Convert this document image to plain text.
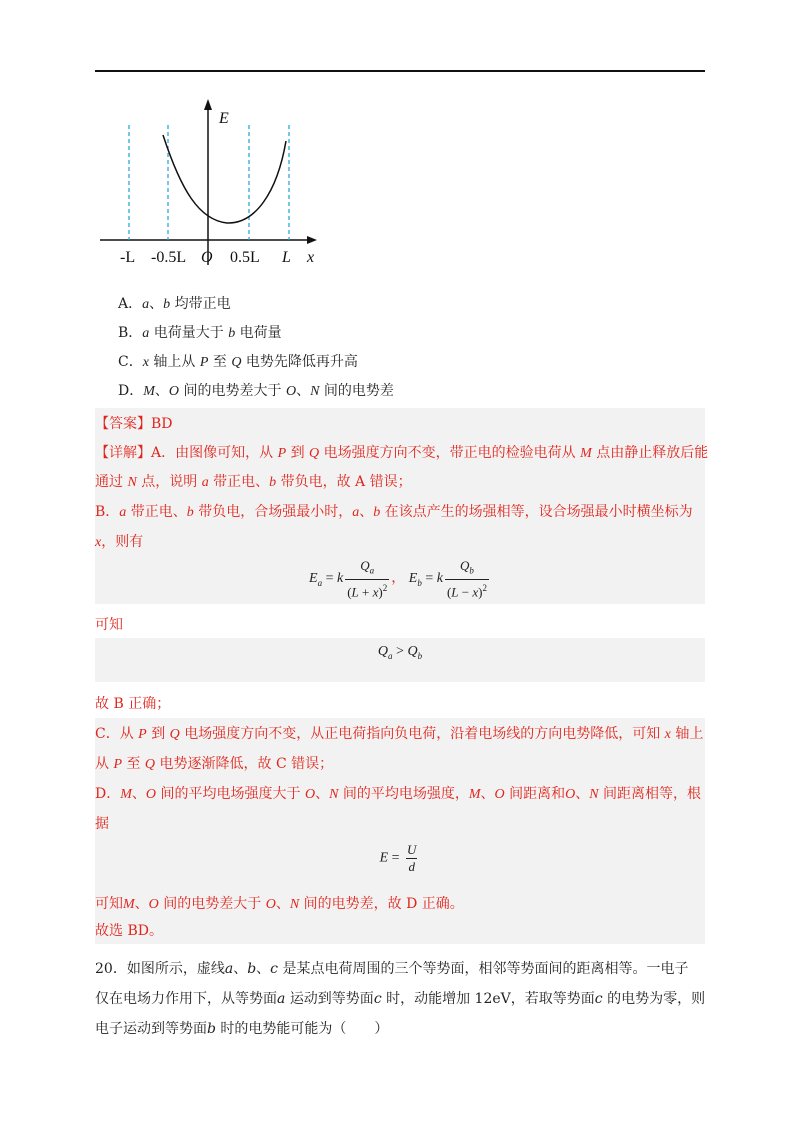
E
-L -0.5L O 0.5L L x
A．a、b 均带正电
B．a 电荷量大于 b 电荷量
C．x 轴上从 P 至 Q 电势先降低再升高
D．M、O 间的电势差大于 O、N 间的电势差
【答案】BD
【详解】A．由图像可知，从 P 到 Q 电场强度方向不变，带正电的检验电荷从 M 点由静止释放后能
通过 N 点，说明 a 带正电、b 带负电，故 A 错误；
B．a 带正电、b 带负电，合场强最小时，a、b 在该点产生的场强相等，设合场强最小时横坐标为
x，则有
$E_a = k \frac{Q_a}{(L + x)^2}$ ， $E_b = k \frac{Q_b}{(L - x)^2}$
可知
$Q_a > Q_b$
故 B 正确；
C．从 P 到 Q 电场强度方向不变，从正电荷指向负电荷，沿着电场线的方向电势降低，可知 x 轴上
从 P 至 Q 电势逐渐降低，故 C 错误；
D．M、O 间的平均电场强度大于 O、N 间的平均电场强度，M、O 间距离和O、N 间距离相等，根
据
$E = \frac{U}{d}$
可知M、O 间的电势差大于 O、N 间的电势差，故 D 正确。
故选 BD。
20．如图所示，虚线a、b、c 是某点电荷周围的三个等势面，相邻等势面间的距离相等。一电子
仅在电场力作用下，从等势面a 运动到等势面c 时，动能增加 12eV，若取等势面c 的电势为零，则
电子运动到等势面b 时的电势能可能为（　　）
